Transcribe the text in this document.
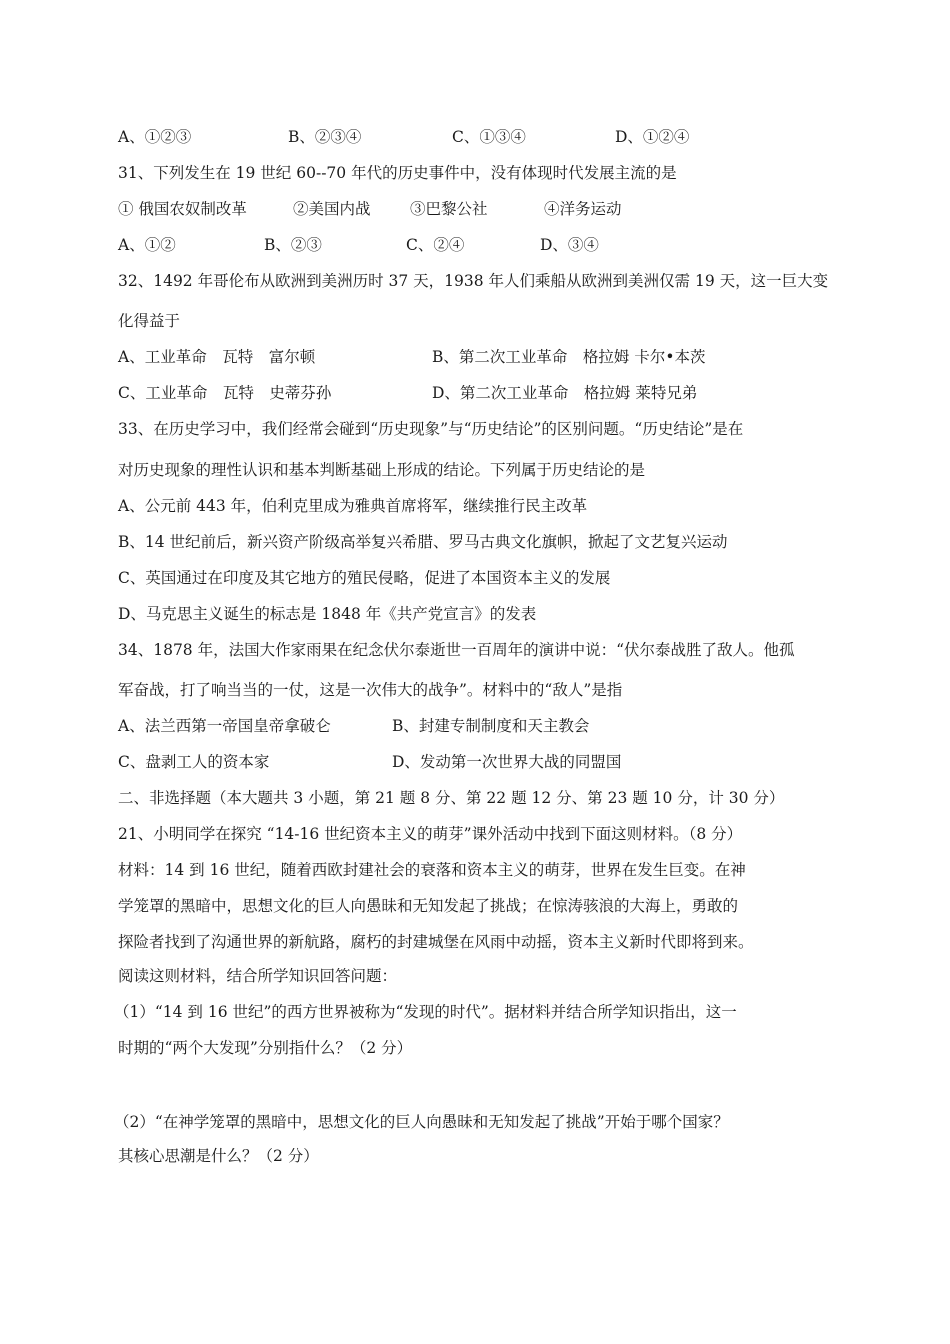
A、①②③	B、②③④	C、①③④	D、①②④
31、下列发生在 19 世纪 60--70 年代的历史事件中，没有体现时代发展主流的是
① 俄国农奴制改革	②美国内战	③巴黎公社	④洋务运动
A、①②	B、②③	C、②④	D、③④
32、1492 年哥伦布从欧洲到美洲历时 37 天，1938 年人们乘船从欧洲到美洲仅需 19 天，这一巨大变
化得益于
A、工业革命　瓦特　富尔顿	B、第二次工业革命　格拉姆 卡尔•本茨
C、工业革命　瓦特　史蒂芬孙	D、第二次工业革命　格拉姆 莱特兄弟
33、在历史学习中，我们经常会碰到“历史现象”与“历史结论”的区别问题。“历史结论”是在
对历史现象的理性认识和基本判断基础上形成的结论。下列属于历史结论的是
A、公元前 443 年，伯利克里成为雅典首席将军，继续推行民主改革
B、14 世纪前后，新兴资产阶级高举复兴希腊、罗马古典文化旗帜，掀起了文艺复兴运动
C、英国通过在印度及其它地方的殖民侵略，促进了本国资本主义的发展
D、马克思主义诞生的标志是 1848 年《共产党宣言》的发表
34、1878 年，法国大作家雨果在纪念伏尔泰逝世一百周年的演讲中说：“伏尔泰战胜了敌人。他孤
军奋战，打了响当当的一仗，这是一次伟大的战争”。材料中的“敌人”是指
A、法兰西第一帝国皇帝拿破仑	B、封建专制制度和天主教会
C、盘剥工人的资本家	D、发动第一次世界大战的同盟国
二、非选择题（本大题共 3 小题，第 21 题 8 分、第 22 题 12 分、第 23 题 10 分，计 30 分）
21、小明同学在探究 “14-16 世纪资本主义的萌芽”课外活动中找到下面这则材料。（8 分）
材料：14 到 16 世纪，随着西欧封建社会的衰落和资本主义的萌芽，世界在发生巨变。在神
学笼罩的黑暗中，思想文化的巨人向愚昧和无知发起了挑战；在惊涛骇浪的大海上，勇敢的
探险者找到了沟通世界的新航路，腐朽的封建城堡在风雨中动摇，资本主义新时代即将到来。
阅读这则材料，结合所学知识回答问题：
（1）“14 到 16 世纪”的西方世界被称为“发现的时代”。据材料并结合所学知识指出，这一
时期的“两个大发现”分别指什么？（2 分）
（2）“在神学笼罩的黑暗中，思想文化的巨人向愚昧和无知发起了挑战”开始于哪个国家？
其核心思潮是什么？（2 分）
